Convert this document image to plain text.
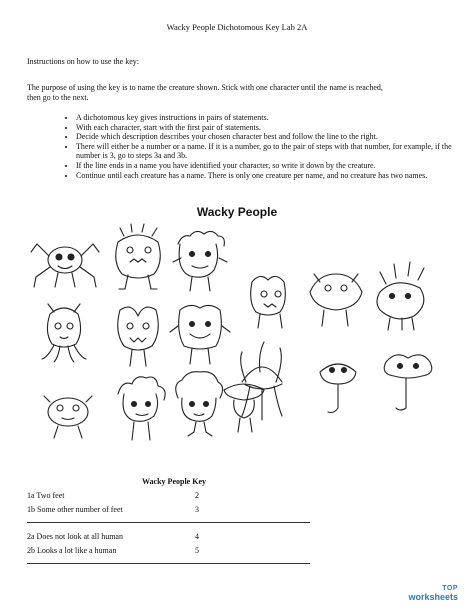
Wacky People Dichotomous Key Lab 2A
Instructions on how to use the key:
The purpose of using the key is to name the creature shown. Stick with one character until the name is reached,
then go to the next.
• A dichotomous key gives instructions in pairs of statements.
• With each character, start with the first pair of statements.
• Decide which description describes your chosen character best and follow the line to the right.
• There will either be a number or a name. If it is a number, go to the pair of steps with that number, for example, if the number is 3, go to steps 3a and 3b.
• If the line ends in a name you have identified your character, so write it down by the creature.
• Continue until each creature has a name. There is only one creature per name, and no creature has two names.
Wacky People
Wacky People Key
1a Two feet	2
1b Some other number of feet	3
2a Does not look at all human	4
2b Looks a lot like a human	5
TOP
worksheets
